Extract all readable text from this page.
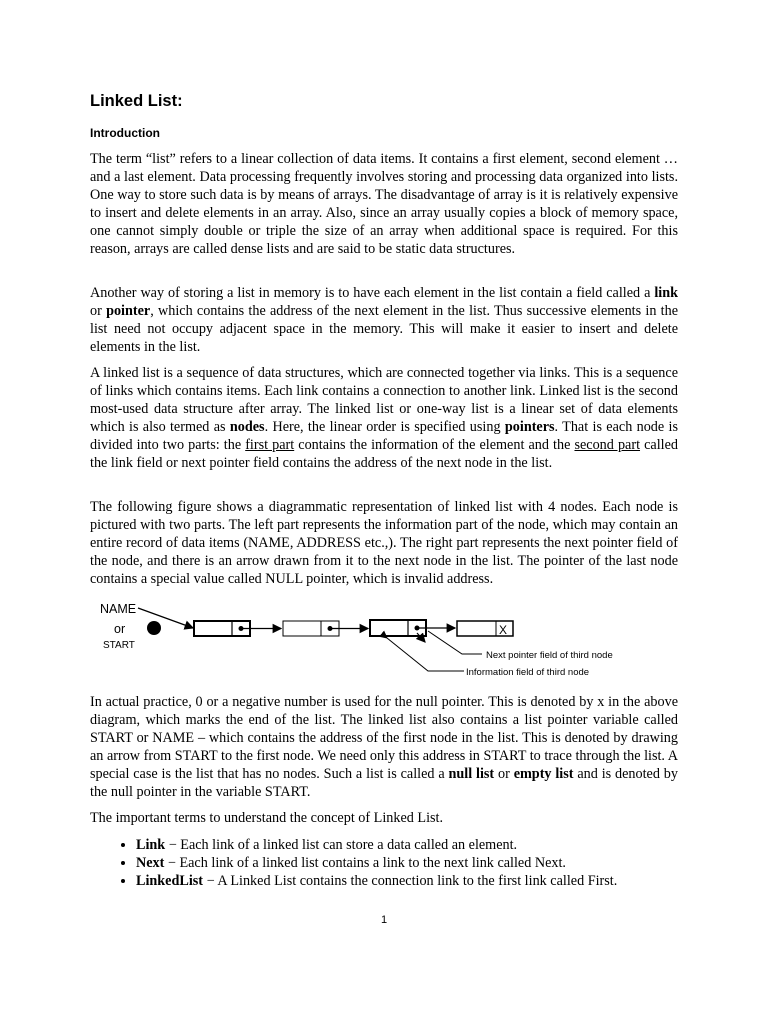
Linked List:
Introduction

The term “list” refers to a linear collection of data items. It contains a first element, second element … and a last element. Data processing frequently involves storing and processing data organized into lists. One way to store such data is by means of arrays. The disadvantage of array is it is relatively expensive to insert and delete elements in an array. Also, since an array usually copies a block of memory space, one cannot simply double or triple the size of an array when additional space is required. For this reason, arrays are called dense lists and are said to be static data structures.

Another way of storing a list in memory is to have each element in the list contain a field called a link or pointer, which contains the address of the next element in the list. Thus successive elements in the list need not occupy adjacent space in the memory. This will make it easier to insert and delete elements in the list.

A linked list is a sequence of data structures, which are connected together via links. This is a sequence of links which contains items. Each link contains a connection to another link. Linked list is the second most-used data structure after array. The linked list or one-way list is a linear set of data elements which is also termed as nodes. Here, the linear order is specified using pointers. That is each node is divided into two parts: the first part contains the information of the element and the second part called the link field or next pointer field contains the address of the next node in the list.

The following figure shows a diagrammatic representation of linked list with 4 nodes. Each node is pictured with two parts. The left part represents the information part of the node, which may contain an entire record of data items (NAME, ADDRESS etc.,). The right part represents the next pointer field of the node, and there is an arrow drawn from it to the next node in the list. The pointer of the last node contains a special value called NULL pointer, which is invalid address.

In actual practice, 0 or a negative number is used for the null pointer. This is denoted by x in the above diagram, which marks the end of the list. The linked list also contains a list pointer variable called START or NAME – which contains the address of the first node in the list. This is denoted by drawing an arrow from START to the first node. We need only this address in START to trace through the list. A special case is the list that has no nodes. Such a list is called a null list or empty list and is denoted by the null pointer in the variable START.

The important terms to understand the concept of Linked List.

• Link − Each link of a linked list can store a data called an element.
• Next − Each link of a linked list contains a link to the next link called Next.
• LinkedList − A Linked List contains the connection link to the first link called First.
NAME
or
START
X
Next pointer field of third node
Information field of third node
1
